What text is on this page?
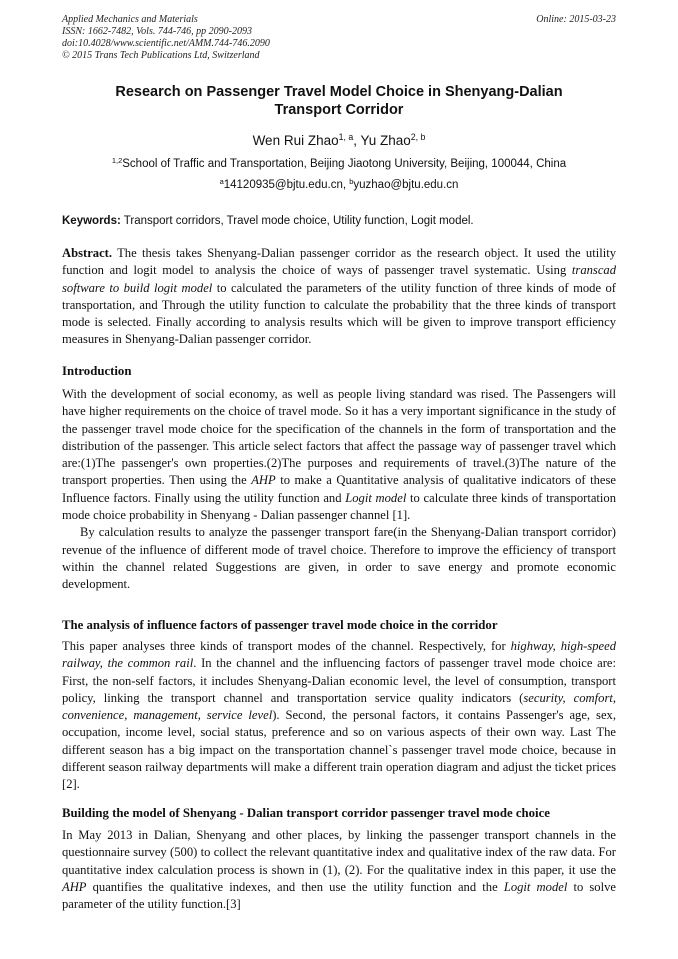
Applied Mechanics and Materials
ISSN: 1662-7482, Vols. 744-746, pp 2090-2093
doi:10.4028/www.scientific.net/AMM.744-746.2090
© 2015 Trans Tech Publications Ltd, Switzerland
Online: 2015-03-23
Research on Passenger Travel Model Choice in Shenyang-Dalian
Transport Corridor
Wen Rui Zhao$^{1, a}$, Yu Zhao$^{2, b}$
$^{1,2}$School of Traffic and Transportation, Beijing Jiaotong University, Beijing, 100044, China
$^a$14120935@bjtu.edu.cn, $^b$yuzhao@bjtu.edu.cn
Keywords: Transport corridors, Travel mode choice, Utility function, Logit model.

Abstract. The thesis takes Shenyang-Dalian passenger corridor as the research object. It used the utility function and logit model to analysis the choice of ways of passenger travel systematic. Using transcad software to build logit model to calculated the parameters of the utility function of three kinds of mode of transportation, and Through the utility function to calculate the probability that the three kinds of transport mode is selected. Finally according to analysis results which will be given to improve transport efficiency measures in Shenyang-Dalian passenger corridor.

Introduction

With the development of social economy, as well as people living standard was rised. The Passengers will have higher requirements on the choice of travel mode. So it has a very important significance in the study of the passenger travel mode choice for the specification of the channels in the form of transportation and the distribution of the passenger. This article select factors that affect the passage way of passenger travel which are:(1)The passenger's own properties.(2)The purposes and requirements of travel.(3)The nature of the transport properties. Then using the AHP to make a Quantitative analysis of qualitative indicators of these Influence factors. Finally using the utility function and Logit model to calculate three kinds of transportation mode choice probability in Shenyang - Dalian passenger channel [1].

By calculation results to analyze the passenger transport fare(in the Shenyang-Dalian transport corridor) revenue of the influence of different mode of travel choice. Therefore to improve the efficiency of transport within the channel related Suggestions are given, in order to save energy and promote economic development.

The analysis of influence factors of passenger travel mode choice in the corridor

This paper analyses three kinds of transport modes of the channel. Respectively, for highway, high-speed railway, the common rail. In the channel and the influencing factors of passenger travel mode choice are: First, the non-self factors, it includes Shenyang-Dalian economic level, the level of consumption, transport policy, linking the transport channel and transportation service quality indicators (security, comfort, convenience, management, service level). Second, the personal factors, it contains Passenger's age, sex, occupation, income level, social status, preference and so on various aspects of their own way. Last The different season has a big impact on the transportation channel`s passenger travel mode choice, because in different season railway departments will make a different train operation diagram and adjust the ticket prices [2].

Building the model of Shenyang - Dalian transport corridor passenger travel mode choice

In May 2013 in Dalian, Shenyang and other places, by linking the passenger transport channels in the questionnaire survey (500) to collect the relevant quantitative index and qualitative index of the raw data. For quantitative index calculation process is shown in (1), (2). For the qualitative index in this paper, it use the AHP quantifies the qualitative indexes, and then use the utility function and the Logit model to solve parameter of the utility function.[3]
